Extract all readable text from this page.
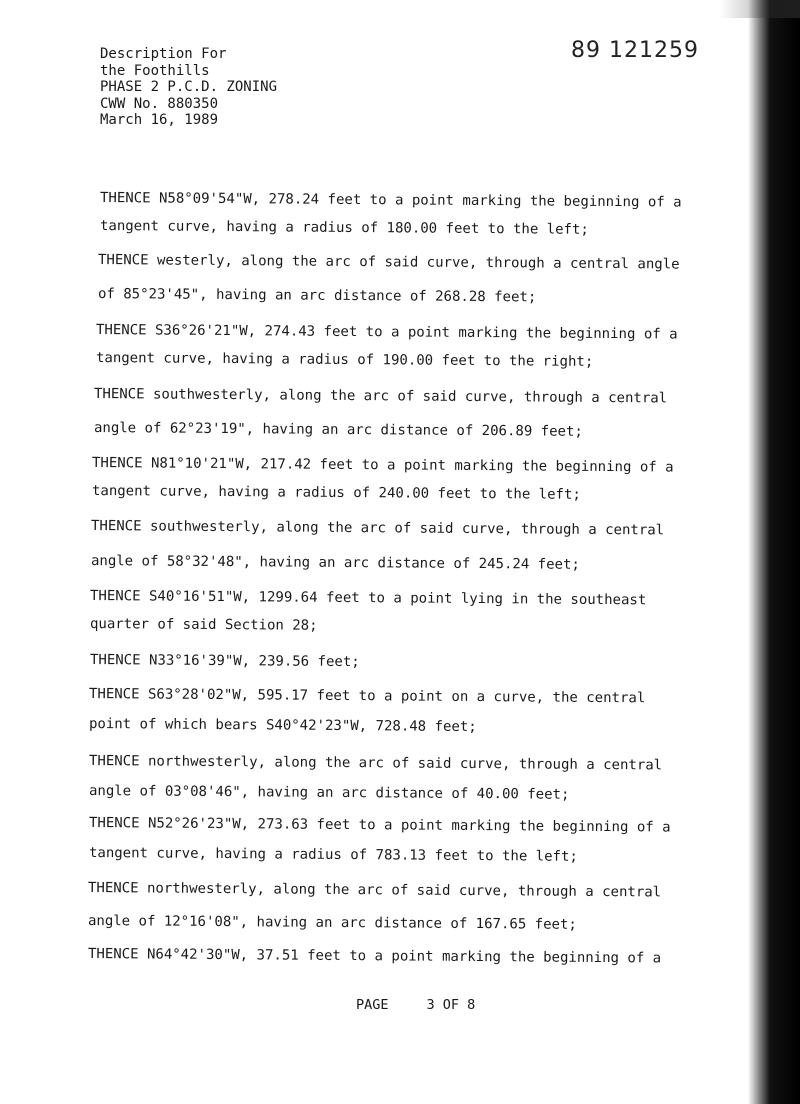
Description For
the Foothills
PHASE 2 P.C.D. ZONING
CWW No. 880350
March 16, 1989
89 121259
THENCE N58°09'54"W, 278.24 feet to a point marking the beginning of a
tangent curve, having a radius of 180.00 feet to the left;
THENCE westerly, along the arc of said curve, through a central angle
of 85°23'45", having an arc distance of 268.28 feet;
THENCE S36°26'21"W, 274.43 feet to a point marking the beginning of a
tangent curve, having a radius of 190.00 feet to the right;
THENCE southwesterly, along the arc of said curve, through a central
angle of 62°23'19", having an arc distance of 206.89 feet;
THENCE N81°10'21"W, 217.42 feet to a point marking the beginning of a
tangent curve, having a radius of 240.00 feet to the left;
THENCE southwesterly, along the arc of said curve, through a central
angle of 58°32'48", having an arc distance of 245.24 feet;
THENCE S40°16'51"W, 1299.64 feet to a point lying in the southeast
quarter of said Section 28;
THENCE N33°16'39"W, 239.56 feet;
THENCE S63°28'02"W, 595.17 feet to a point on a curve, the central
point of which bears S40°42'23"W, 728.48 feet;
THENCE northwesterly, along the arc of said curve, through a central
angle of 03°08'46", having an arc distance of 40.00 feet;
THENCE N52°26'23"W, 273.63 feet to a point marking the beginning of a
tangent curve, having a radius of 783.13 feet to the left;
THENCE northwesterly, along the arc of said curve, through a central
angle of 12°16'08", having an arc distance of 167.65 feet;
THENCE N64°42'30"W, 37.51 feet to a point marking the beginning of a
PAGE	3 OF 8
